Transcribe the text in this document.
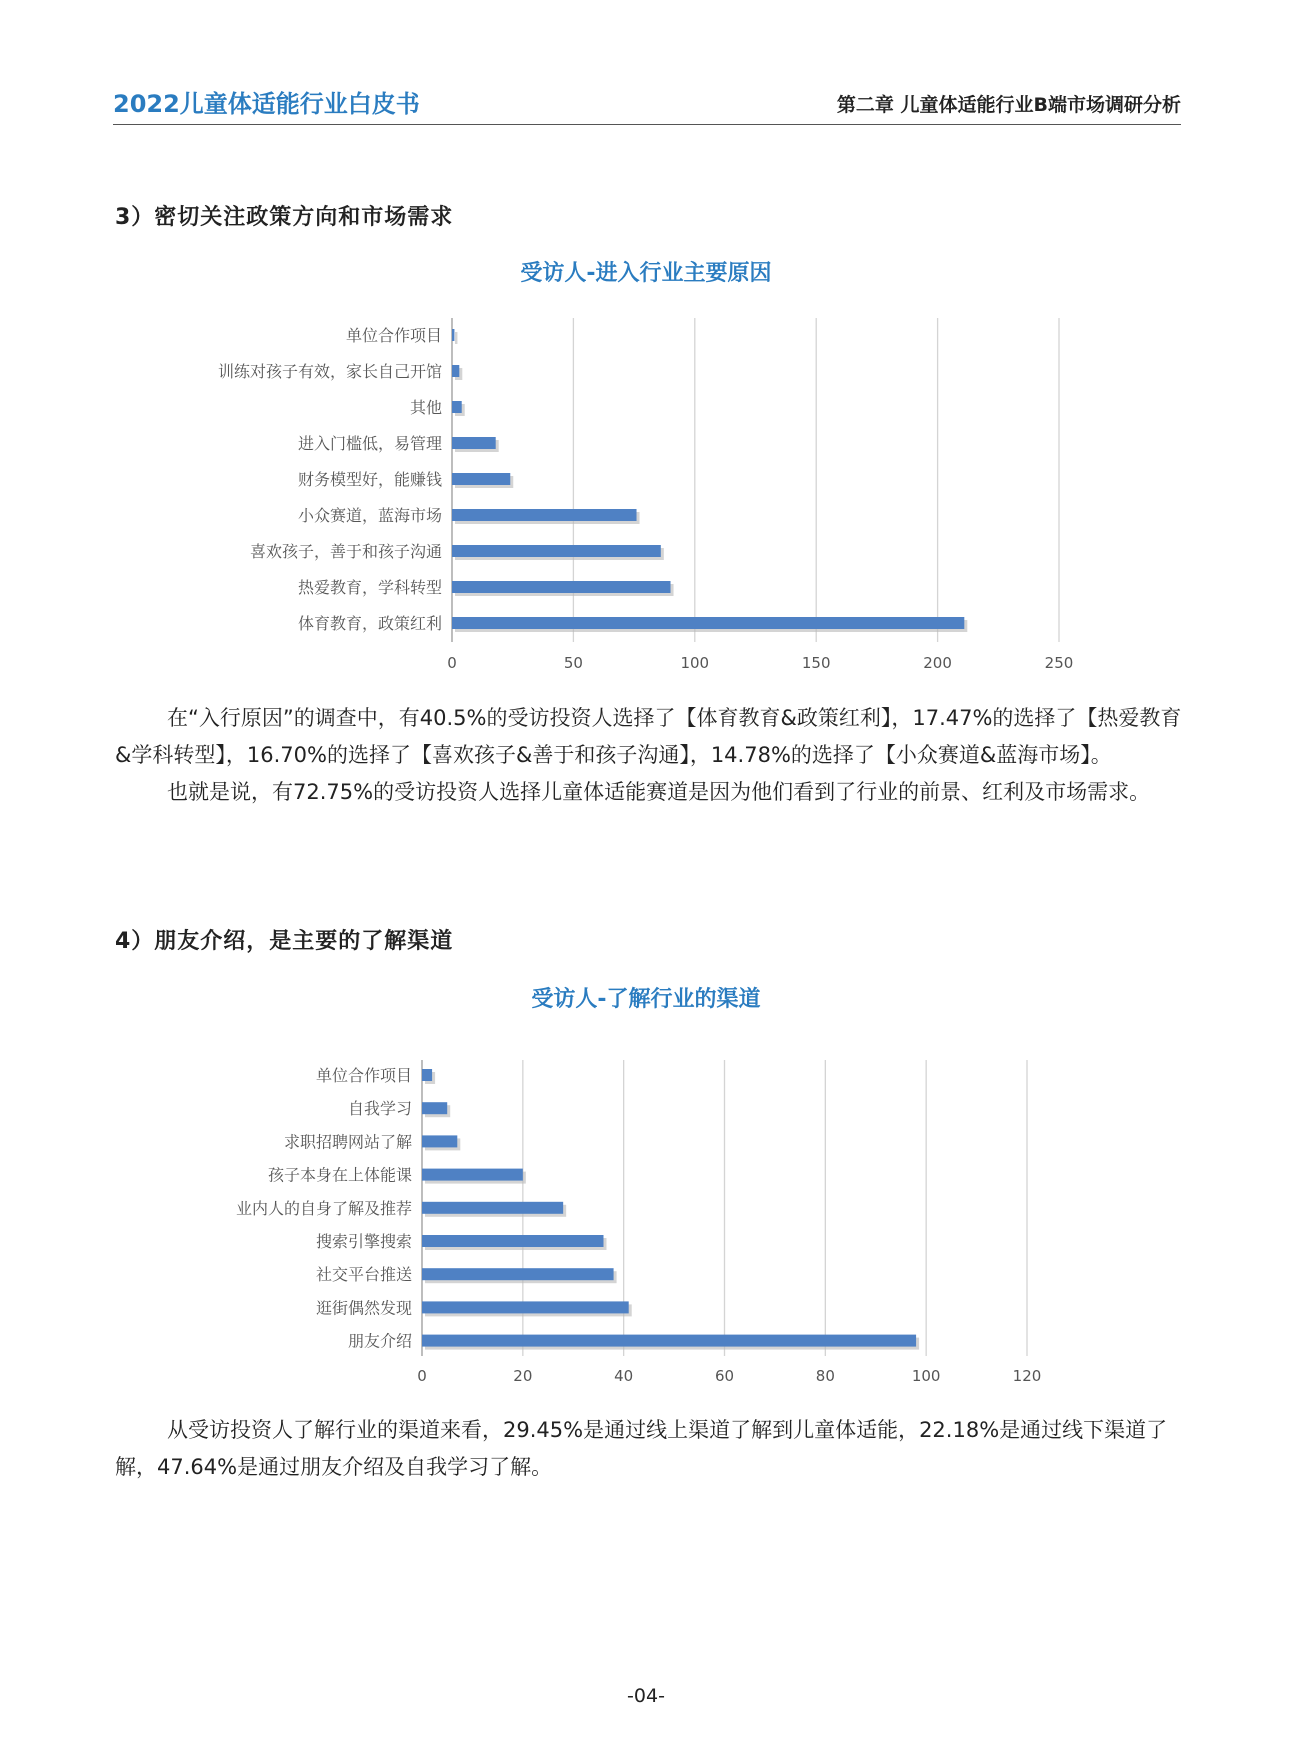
2022儿童体适能行业白皮书	第二章 儿童体适能行业B端市场调研分析
3）密切关注政策方向和市场需求
受访人-进入行业主要原因
0	50	100	150	200	250
单位合作项目
训练对孩子有效，家长自己开馆
其他
进入门槛低，易管理
财务模型好，能赚钱
小众赛道，蓝海市场
喜欢孩子，善于和孩子沟通
热爱教育，学科转型
体育教育，政策红利

在“入行原因”的调查中，有40.5%的受访投资人选择了【体育教育&政策红利】，17.47%的选择了【热爱教育&学科转型】，16.70%的选择了【喜欢孩子&善于和孩子沟通】，14.78%的选择了【小众赛道&蓝海市场】。

也就是说，有72.75%的受访投资人选择儿童体适能赛道是因为他们看到了行业的前景、红利及市场需求。

4）朋友介绍，是主要的了解渠道
受访人-了解行业的渠道
0	20	40	60	80	100	120
单位合作项目
自我学习
求职招聘网站了解
孩子本身在上体能课
业内人的自身了解及推荐
搜索引擎搜索
社交平台推送
逛街偶然发现
朋友介绍

从受访投资人了解行业的渠道来看，29.45%是通过线上渠道了解到儿童体适能，22.18%是通过线下渠道了解，47.64%是通过朋友介绍及自我学习了解。

-04-
